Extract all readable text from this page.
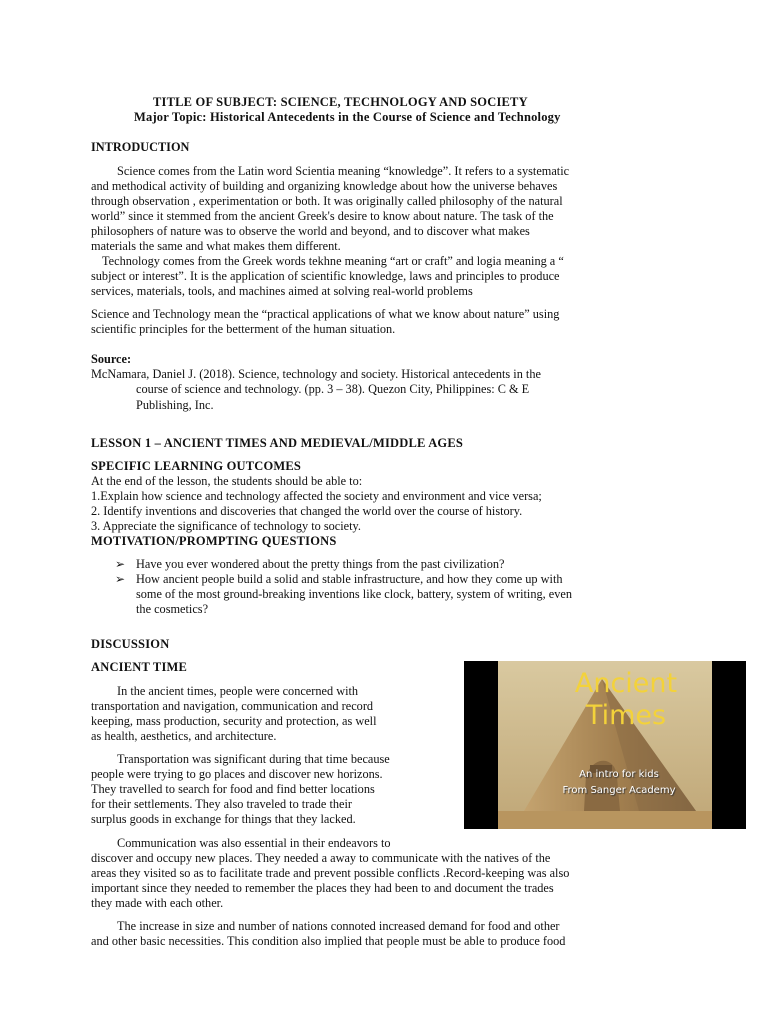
TITLE OF SUBJECT: SCIENCE, TECHNOLOGY AND SOCIETY
Major Topic: Historical Antecedents in the Course of Science and Technology
INTRODUCTION
Science comes from the Latin word Scientia meaning “knowledge”. It refers to a systematic
and methodical activity of building and organizing knowledge about how the universe behaves
through observation , experimentation or both. It was originally called philosophy of the natural
world” since it stemmed from the ancient Greek's desire to know about nature. The task of the
philosophers of nature was to observe the world and beyond, and to discover what makes
materials the same and what makes them different.
Technology comes from the Greek words tekhne meaning “art or craft” and logia meaning a “
subject or interest”. It is the application of scientific knowledge, laws and principles to produce
services, materials, tools, and machines aimed at solving real-world problems
Science and Technology mean the “practical applications of what we know about nature” using
scientific principles for the betterment of the human situation.
Source:
McNamara, Daniel J. (2018). Science, technology and society. Historical antecedents in the
course of science and technology. (pp. 3 – 38). Quezon City, Philippines: C & E
Publishing, Inc.
LESSON 1 – ANCIENT TIMES AND MEDIEVAL/MIDDLE AGES
SPECIFIC LEARNING OUTCOMES
At the end of the lesson, the students should be able to:
1.Explain how science and technology affected the society and environment and vice versa;
2. Identify inventions and discoveries that changed the world over the course of history.
3. Appreciate the significance of technology to society.
MOTIVATION/PROMPTING QUESTIONS
➢ Have you ever wondered about the pretty things from the past civilization?
➢ How ancient people build a solid and stable infrastructure, and how they come up with
some of the most ground-breaking inventions like clock, battery, system of writing, even
the cosmetics?
DISCUSSION
ANCIENT TIME
In the ancient times, people were concerned with
transportation and navigation, communication and record
keeping, mass production, security and protection, as well
as health, aesthetics, and architecture.
Transportation was significant during that time because
people were trying to go places and discover new horizons.
They travelled to search for food and find better locations
for their settlements. They also traveled to trade their
surplus goods in exchange for things that they lacked.
Communication was also essential in their endeavors to
discover and occupy new places. They needed a away to communicate with the natives of the
areas they visited so as to facilitate trade and prevent possible conflicts .Record-keeping was also
important since they needed to remember the places they had been to and document the trades
they made with each other.
The increase in size and number of nations connoted increased demand for food and other
and other basic necessities. This condition also implied that people must be able to produce food
Ancient
Times
An intro for kids
From Sanger Academy
